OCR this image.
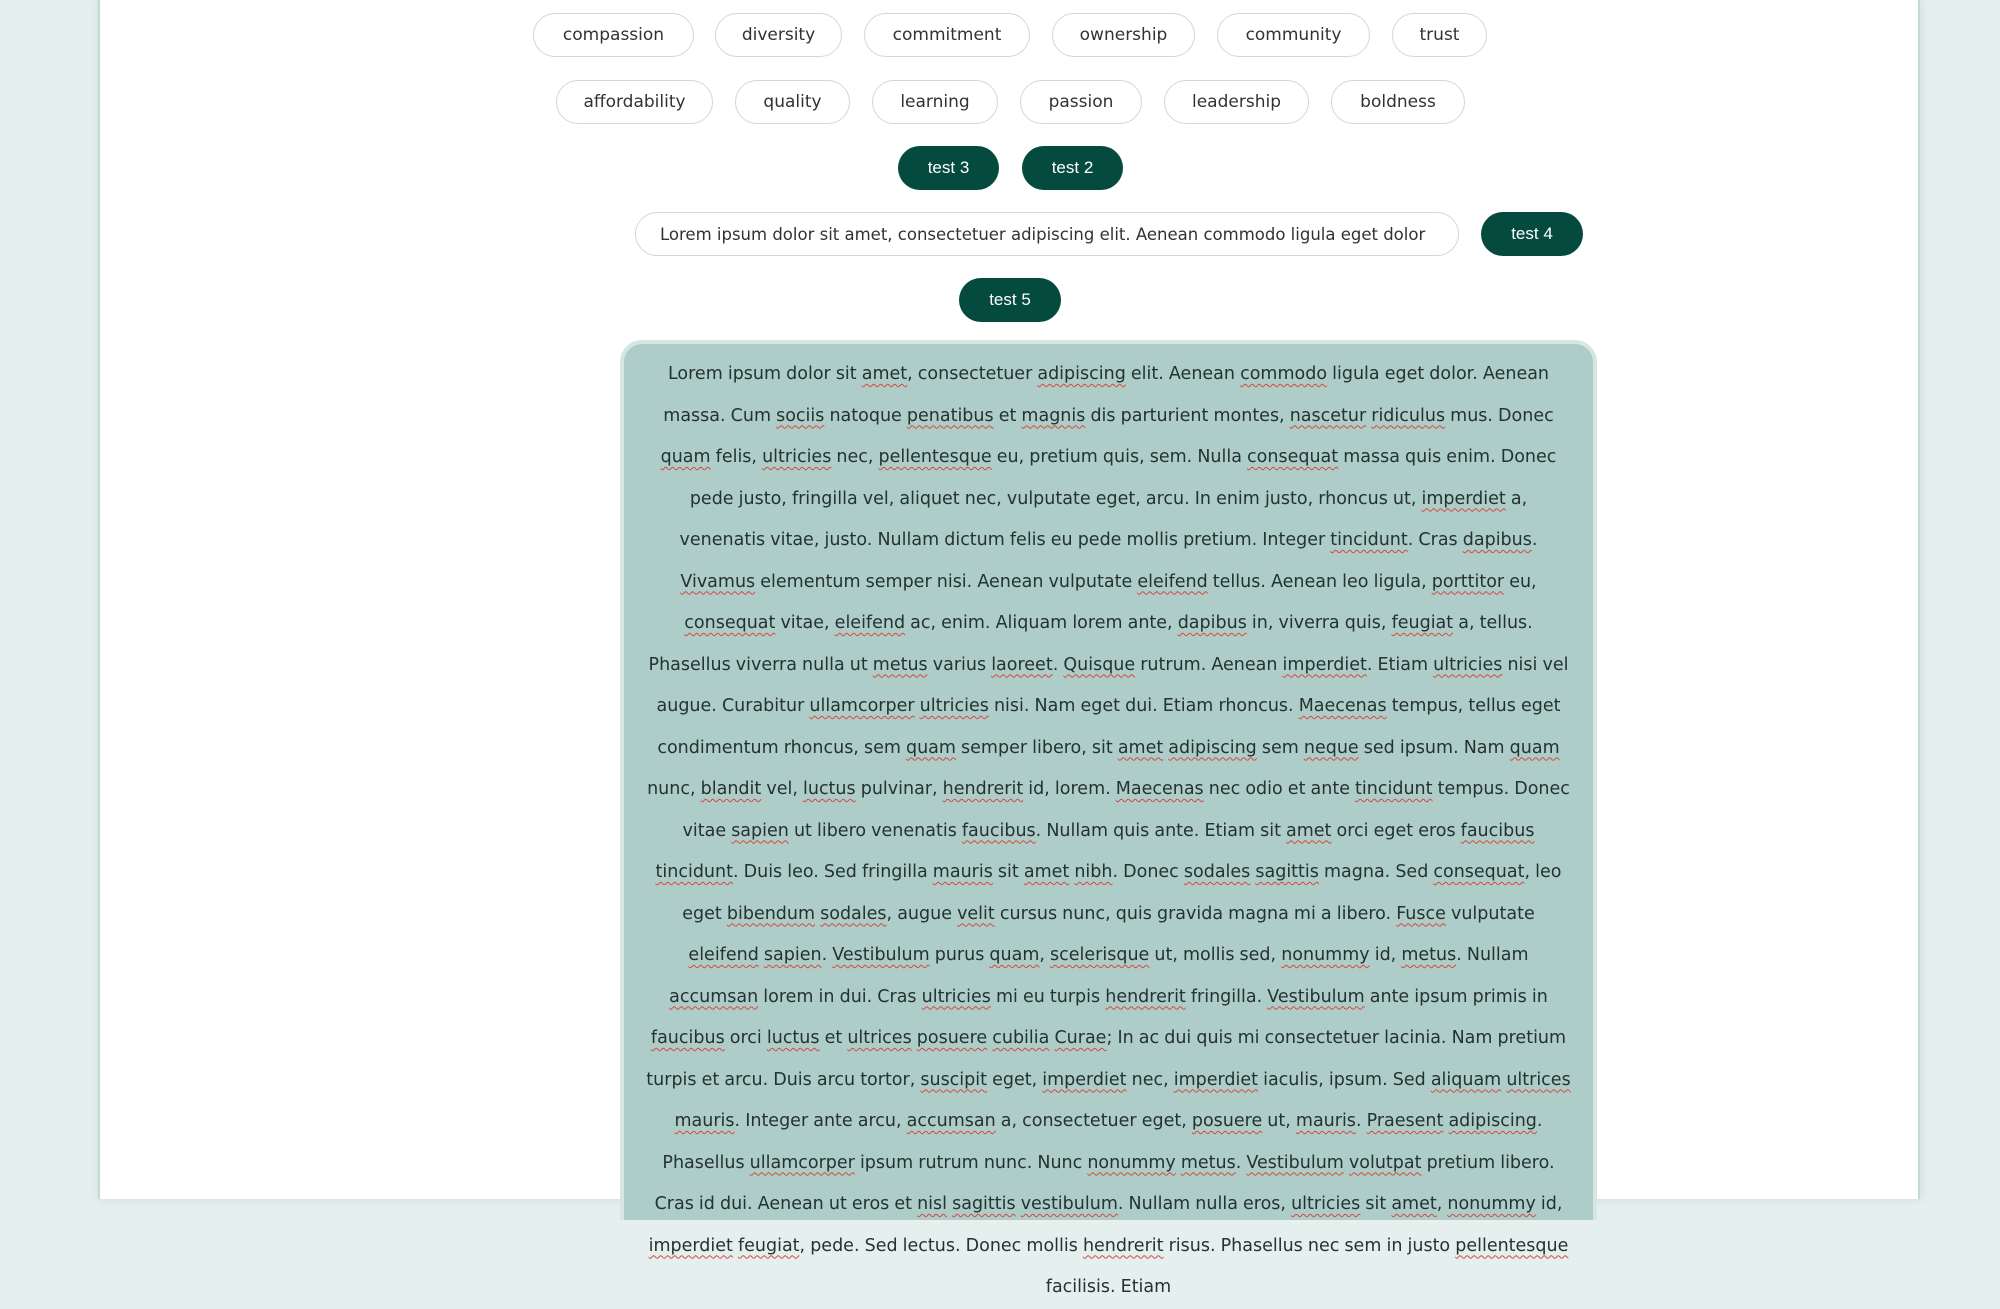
compassion	diversity	commitment	ownership	community	trust
affordability	quality	learning	passion	leadership	boldness
test 3	test 2
Lorem ipsum dolor sit amet, consectetuer adipiscing elit. Aenean commodo ligula eget dolor
test 4
test 5
Lorem ipsum dolor sit amet, consectetuer adipiscing elit. Aenean commodo ligula eget dolor. Aenean massa. Cum sociis natoque penatibus et magnis dis parturient montes, nascetur ridiculus mus. Donec quam felis, ultricies nec, pellentesque eu, pretium quis, sem. Nulla consequat massa quis enim. Donec pede justo, fringilla vel, aliquet nec, vulputate eget, arcu. In enim justo, rhoncus ut, imperdiet a, venenatis vitae, justo. Nullam dictum felis eu pede mollis pretium. Integer tincidunt. Cras dapibus. Vivamus elementum semper nisi. Aenean vulputate eleifend tellus. Aenean leo ligula, porttitor eu, consequat vitae, eleifend ac, enim. Aliquam lorem ante, dapibus in, viverra quis, feugiat a, tellus. Phasellus viverra nulla ut metus varius laoreet. Quisque rutrum. Aenean imperdiet. Etiam ultricies nisi vel augue. Curabitur ullamcorper ultricies nisi. Nam eget dui. Etiam rhoncus. Maecenas tempus, tellus eget condimentum rhoncus, sem quam semper libero, sit amet adipiscing sem neque sed ipsum. Nam quam nunc, blandit vel, luctus pulvinar, hendrerit id, lorem. Maecenas nec odio et ante tincidunt tempus. Donec vitae sapien ut libero venenatis faucibus. Nullam quis ante. Etiam sit amet orci eget eros faucibus tincidunt. Duis leo. Sed fringilla mauris sit amet nibh. Donec sodales sagittis magna. Sed consequat, leo eget bibendum sodales, augue velit cursus nunc, quis gravida magna mi a libero. Fusce vulputate eleifend sapien. Vestibulum purus quam, scelerisque ut, mollis sed, nonummy id, metus. Nullam accumsan lorem in dui. Cras ultricies mi eu turpis hendrerit fringilla. Vestibulum ante ipsum primis in faucibus orci luctus et ultrices posuere cubilia Curae; In ac dui quis mi consectetuer lacinia. Nam pretium turpis et arcu. Duis arcu tortor, suscipit eget, imperdiet nec, imperdiet iaculis, ipsum. Sed aliquam ultrices mauris. Integer ante arcu, accumsan a, consectetuer eget, posuere ut, mauris. Praesent adipiscing. Phasellus ullamcorper ipsum rutrum nunc. Nunc nonummy metus. Vestibulum volutpat pretium libero. Cras id dui. Aenean ut eros et nisl sagittis vestibulum. Nullam nulla eros, ultricies sit amet, nonummy id, imperdiet feugiat, pede. Sed lectus. Donec mollis hendrerit risus. Phasellus nec sem in justo pellentesque facilisis. Etiam
